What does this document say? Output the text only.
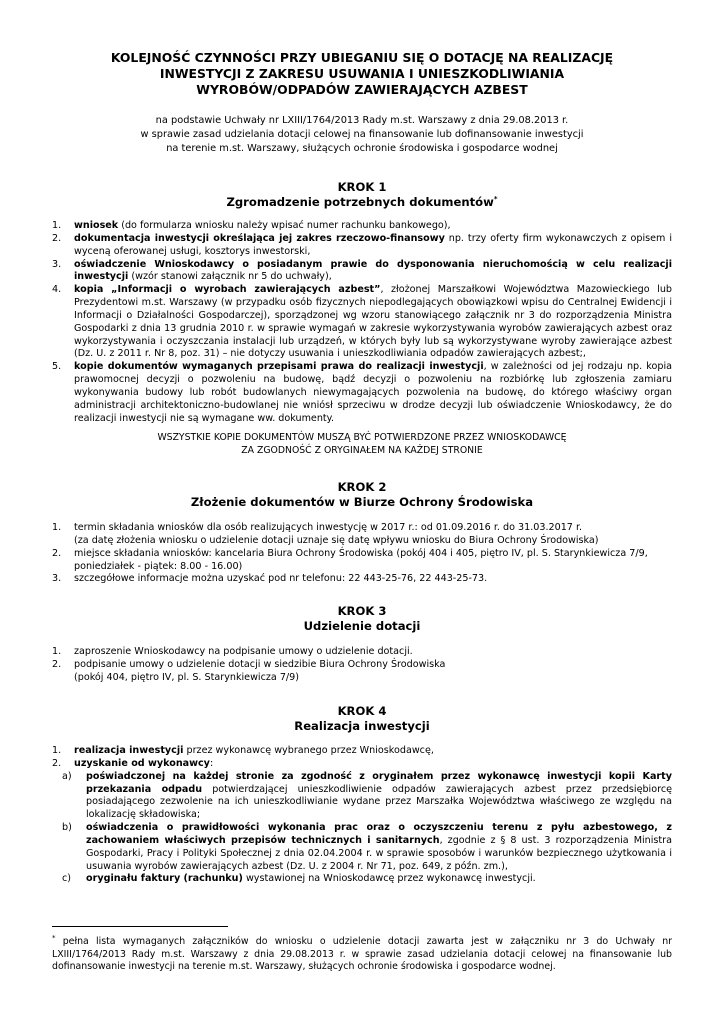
KOLEJNOŚĆ CZYNNOŚCI PRZY UBIEGANIU SIĘ O DOTACJĘ NA REALIZACJĘ
INWESTYCJI Z ZAKRESU USUWANIA I UNIESZKODLIWIANIA
WYROBÓW/ODPADÓW ZAWIERAJĄCYCH AZBEST
na podstawie Uchwały nr LXIII/1764/2013 Rady m.st. Warszawy z dnia 29.08.2013 r.
w sprawie zasad udzielania dotacji celowej na finansowanie lub dofinansowanie inwestycji
na terenie m.st. Warszawy, służących ochronie środowiska i gospodarce wodnej
KROK 1
Zgromadzenie potrzebnych dokumentów*
1. wniosek (do formularza wniosku należy wpisać numer rachunku bankowego),
2. dokumentacja inwestycji określająca jej zakres rzeczowo-finansowy np. trzy oferty firm wykonawczych z opisem i wyceną oferowanej usługi, kosztorys inwestorski,
3. oświadczenie Wnioskodawcy o posiadanym prawie do dysponowania nieruchomością w celu realizacji inwestycji (wzór stanowi załącznik nr 5 do uchwały),
4. kopia „Informacji o wyrobach zawierających azbest”, złożonej Marszałkowi Województwa Mazowieckiego lub Prezydentowi m.st. Warszawy (w przypadku osób fizycznych niepodlegających obowiązkowi wpisu do Centralnej Ewidencji i Informacji o Działalności Gospodarczej), sporządzonej wg wzoru stanowiącego załącznik nr 3 do rozporządzenia Ministra Gospodarki z dnia 13 grudnia 2010 r. w sprawie wymagań w zakresie wykorzystywania wyrobów zawierających azbest oraz wykorzystywania i oczyszczania instalacji lub urządzeń, w których były lub są wykorzystywane wyroby zawierające azbest (Dz. U. z 2011 r. Nr 8, poz. 31) – nie dotyczy usuwania i unieszkodliwiania odpadów zawierających azbest;,
5. kopie dokumentów wymaganych przepisami prawa do realizacji inwestycji, w zależności od jej rodzaju np. kopia prawomocnej decyzji o pozwoleniu na budowę, bądź decyzji o pozwoleniu na rozbiórkę lub zgłoszenia zamiaru wykonywania budowy lub robót budowlanych niewymagających pozwolenia na budowę, do którego właściwy organ administracji architektoniczno-budowlanej nie wniósł sprzeciwu w drodze decyzji lub oświadczenie Wnioskodawcy, że do realizacji inwestycji nie są wymagane ww. dokumenty.
WSZYSTKIE KOPIE DOKUMENTÓW MUSZĄ BYĆ POTWIERDZONE PRZEZ WNIOSKODAWCĘ
ZA ZGODNOŚĆ Z ORYGINAŁEM NA KAŻDEJ STRONIE
KROK 2
Złożenie dokumentów w Biurze Ochrony Środowiska
1. termin składania wniosków dla osób realizujących inwestycję w 2017 r.: od 01.09.2016 r. do 31.03.2017 r.
(za datę złożenia wniosku o udzielenie dotacji uznaje się datę wpływu wniosku do Biura Ochrony Środowiska)
2. miejsce składania wniosków: kancelaria Biura Ochrony Środowiska (pokój 404 i 405, piętro IV, pl. S. Starynkiewicza 7/9,
poniedziałek - piątek: 8.00 - 16.00)
3. szczegółowe informacje można uzyskać pod nr telefonu: 22 443-25-76, 22 443-25-73.
KROK 3
Udzielenie dotacji
1. zaproszenie Wnioskodawcy na podpisanie umowy o udzielenie dotacji.
2. podpisanie umowy o udzielenie dotacji w siedzibie Biura Ochrony Środowiska
(pokój 404, piętro IV, pl. S. Starynkiewicza 7/9)
KROK 4
Realizacja inwestycji
1. realizacja inwestycji przez wykonawcę wybranego przez Wnioskodawcę,
2. uzyskanie od wykonawcy:
a) poświadczonej na każdej stronie za zgodność z oryginałem przez wykonawcę inwestycji kopii Karty przekazania odpadu potwierdzającej unieszkodliwienie odpadów zawierających azbest przez przedsiębiorcę posiadającego zezwolenie na ich unieszkodliwianie wydane przez Marszałka Województwa właściwego ze względu na lokalizację składowiska;
b) oświadczenia o prawidłowości wykonania prac oraz o oczyszczeniu terenu z pyłu azbestowego, z zachowaniem właściwych przepisów technicznych i sanitarnych, zgodnie z § 8 ust. 3 rozporządzenia Ministra Gospodarki, Pracy i Polityki Społecznej z dnia 02.04.2004 r. w sprawie sposobów i warunków bezpiecznego użytkowania i usuwania wyrobów zawierających azbest (Dz. U. z 2004 r. Nr 71, poz. 649, z późn. zm.),
c) oryginału faktury (rachunku) wystawionej na Wnioskodawcę przez wykonawcę inwestycji.
* pełna lista wymaganych załączników do wniosku o udzielenie dotacji zawarta jest w załączniku nr 3 do Uchwały nr LXIII/1764/2013 Rady m.st. Warszawy z dnia 29.08.2013 r. w sprawie zasad udzielania dotacji celowej na finansowanie lub dofinansowanie inwestycji na terenie m.st. Warszawy, służących ochronie środowiska i gospodarce wodnej.
